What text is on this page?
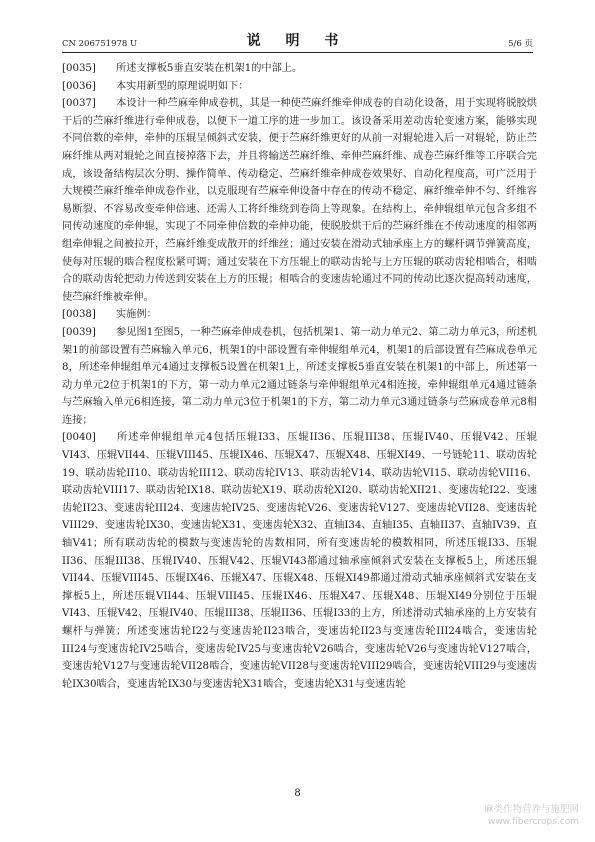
CN 206751978 U	说 明 书	5/6 页

[0035] 所述支撑板5垂直安装在机架1的中部上。

[0036] 本实用新型的原理说明如下：

[0037] 本设计一种苎麻牵伸成卷机，其是一种使苎麻纤维牵伸成卷的自动化设备，用于实现将脱胶烘干后的苎麻纤维进行牵伸成卷，以便下一道工序的进一步加工。该设备采用差动齿轮变速方案，能够实现不同倍数的牵伸，牵伸的压辊呈倾斜式安装，便于苎麻纤维更好的从前一对辊轮进入后一对辊轮，防止苎麻纤维从两对辊轮之间直接掉落下去，并且将输送苎麻纤维、牵伸苎麻纤维、成卷苎麻纤维等工序联合完成，该设备结构层次分明、操作简单、传动稳定、苎麻纤维牵伸成卷效果好、自动化程度高，可广泛用于大规模苎麻纤维牵伸成卷作业，以克服现有苎麻牵伸设备中存在的传动不稳定、麻纤维牵伸不匀、纤维容易断裂、不容易改变牵伸倍速、还需人工将纤维绕到卷筒上等现象。在结构上，牵伸辊组单元包含多组不同传动速度的牵伸辊，实现了不同牵伸倍数的牵伸功能，使脱胶烘干后的苎麻纤维在不传动速度的相邻两组牵伸辊之间被拉开，苎麻纤维变成散开的纤维丝；通过安装在滑动式轴承座上方的螺杆调节弹簧高度，使每对压辊的啮合程度松紧可调；通过安装在下方压辊上的联动齿轮与上方压辊的联动齿轮相啮合，相啮合的联动齿轮把动力传送到安装在上方的压辊；相啮合的变速齿轮通过不同的传动比逐次提高转动速度，使苎麻纤维被牵伸。

[0038] 实施例：

[0039] 参见图1至图5，一种苎麻牵伸成卷机，包括机架1、第一动力单元2、第二动力单元3，所述机架1的前部设置有苎麻输入单元6，机架1的中部设置有牵伸辊组单元4，机架1的后部设置有苎麻成卷单元8，所述牵伸辊组单元4通过支撑板5设置在机架1上，所述支撑板5垂直安装在机架1的中部上，所述第一动力单元2位于机架1的下方，第一动力单元2通过链条与牵伸辊组单元4相连接，牵伸辊组单元4通过链条与苎麻输入单元6相连接，第二动力单元3位于机架1的下方，第二动力单元3通过链条与苎麻成卷单元8相连接；

[0040] 所述牵伸辊组单元4包括压辊I33、压辊II36、压辊III38、压辊IV40、压辊V42、压辊VI43、压辊VII44、压辊VIII45、压辊IX46、压辊X47、压辊X48、压辊XI49、一号链轮11、联动齿轮19、联动齿轮II10、联动齿轮III12、联动齿轮IV13、联动齿轮V14、联动齿轮VI15、联动齿轮VII16、联动齿轮VIII17、联动齿轮IX18、联动齿轮X19、联动齿轮XI20、联动齿轮XII21、变速齿轮I22、变速齿轮II23、变速齿轮III24、变速齿轮IV25、变速齿轮V26、变速齿轮V127、变速齿轮VII28、变速齿轮VIII29、变速齿轮IX30、变速齿轮X31、变速齿轮X32、直轴I34、直轴I35、直轴II37、直轴IV39、直轴V41；所有联动齿轮的模数与变速齿轮的齿数相同，所有变速齿轮的模数相同，所述压辊I33、压辊II36、压辊III38、压辊IV40、压辊V42、压辊VI43都通过轴承座倾斜式安装在支撑板5上，所述压辊VII44、压辊VIII45、压辊IX46、压辊X47、压辊X48、压辊XI49都通过滑动式轴承座倾斜式安装在支撑板5上，所述压辊VII44、压辊VIII45、压辊IX46、压辊X47、压辊X48、压辊XI49分别位于压辊VI43、压辊V42、压辊IV40、压辊III38、压辊II36、压辊I33的上方，所述滑动式轴承座的上方安装有螺杆与弹簧；所述变速齿轮I22与变速齿轮II23啮合，变速齿轮II23与变速齿轮III24啮合，变速齿轮III24与变速齿轮IV25啮合，变速齿轮IV25与变速齿轮V26啮合，变速齿轮V26与变速齿轮V127啮合，变速齿轮V127与变速齿轮VII28啮合，变速齿轮VII28与变速齿轮VIII29啮合，变速齿轮VIII29与变速齿轮IX30啮合，变速齿轮IX30与变速齿轮X31啮合，变速齿轮X31与变速齿轮

8
麻类作物营养与施肥网
www.fibercrops.com
